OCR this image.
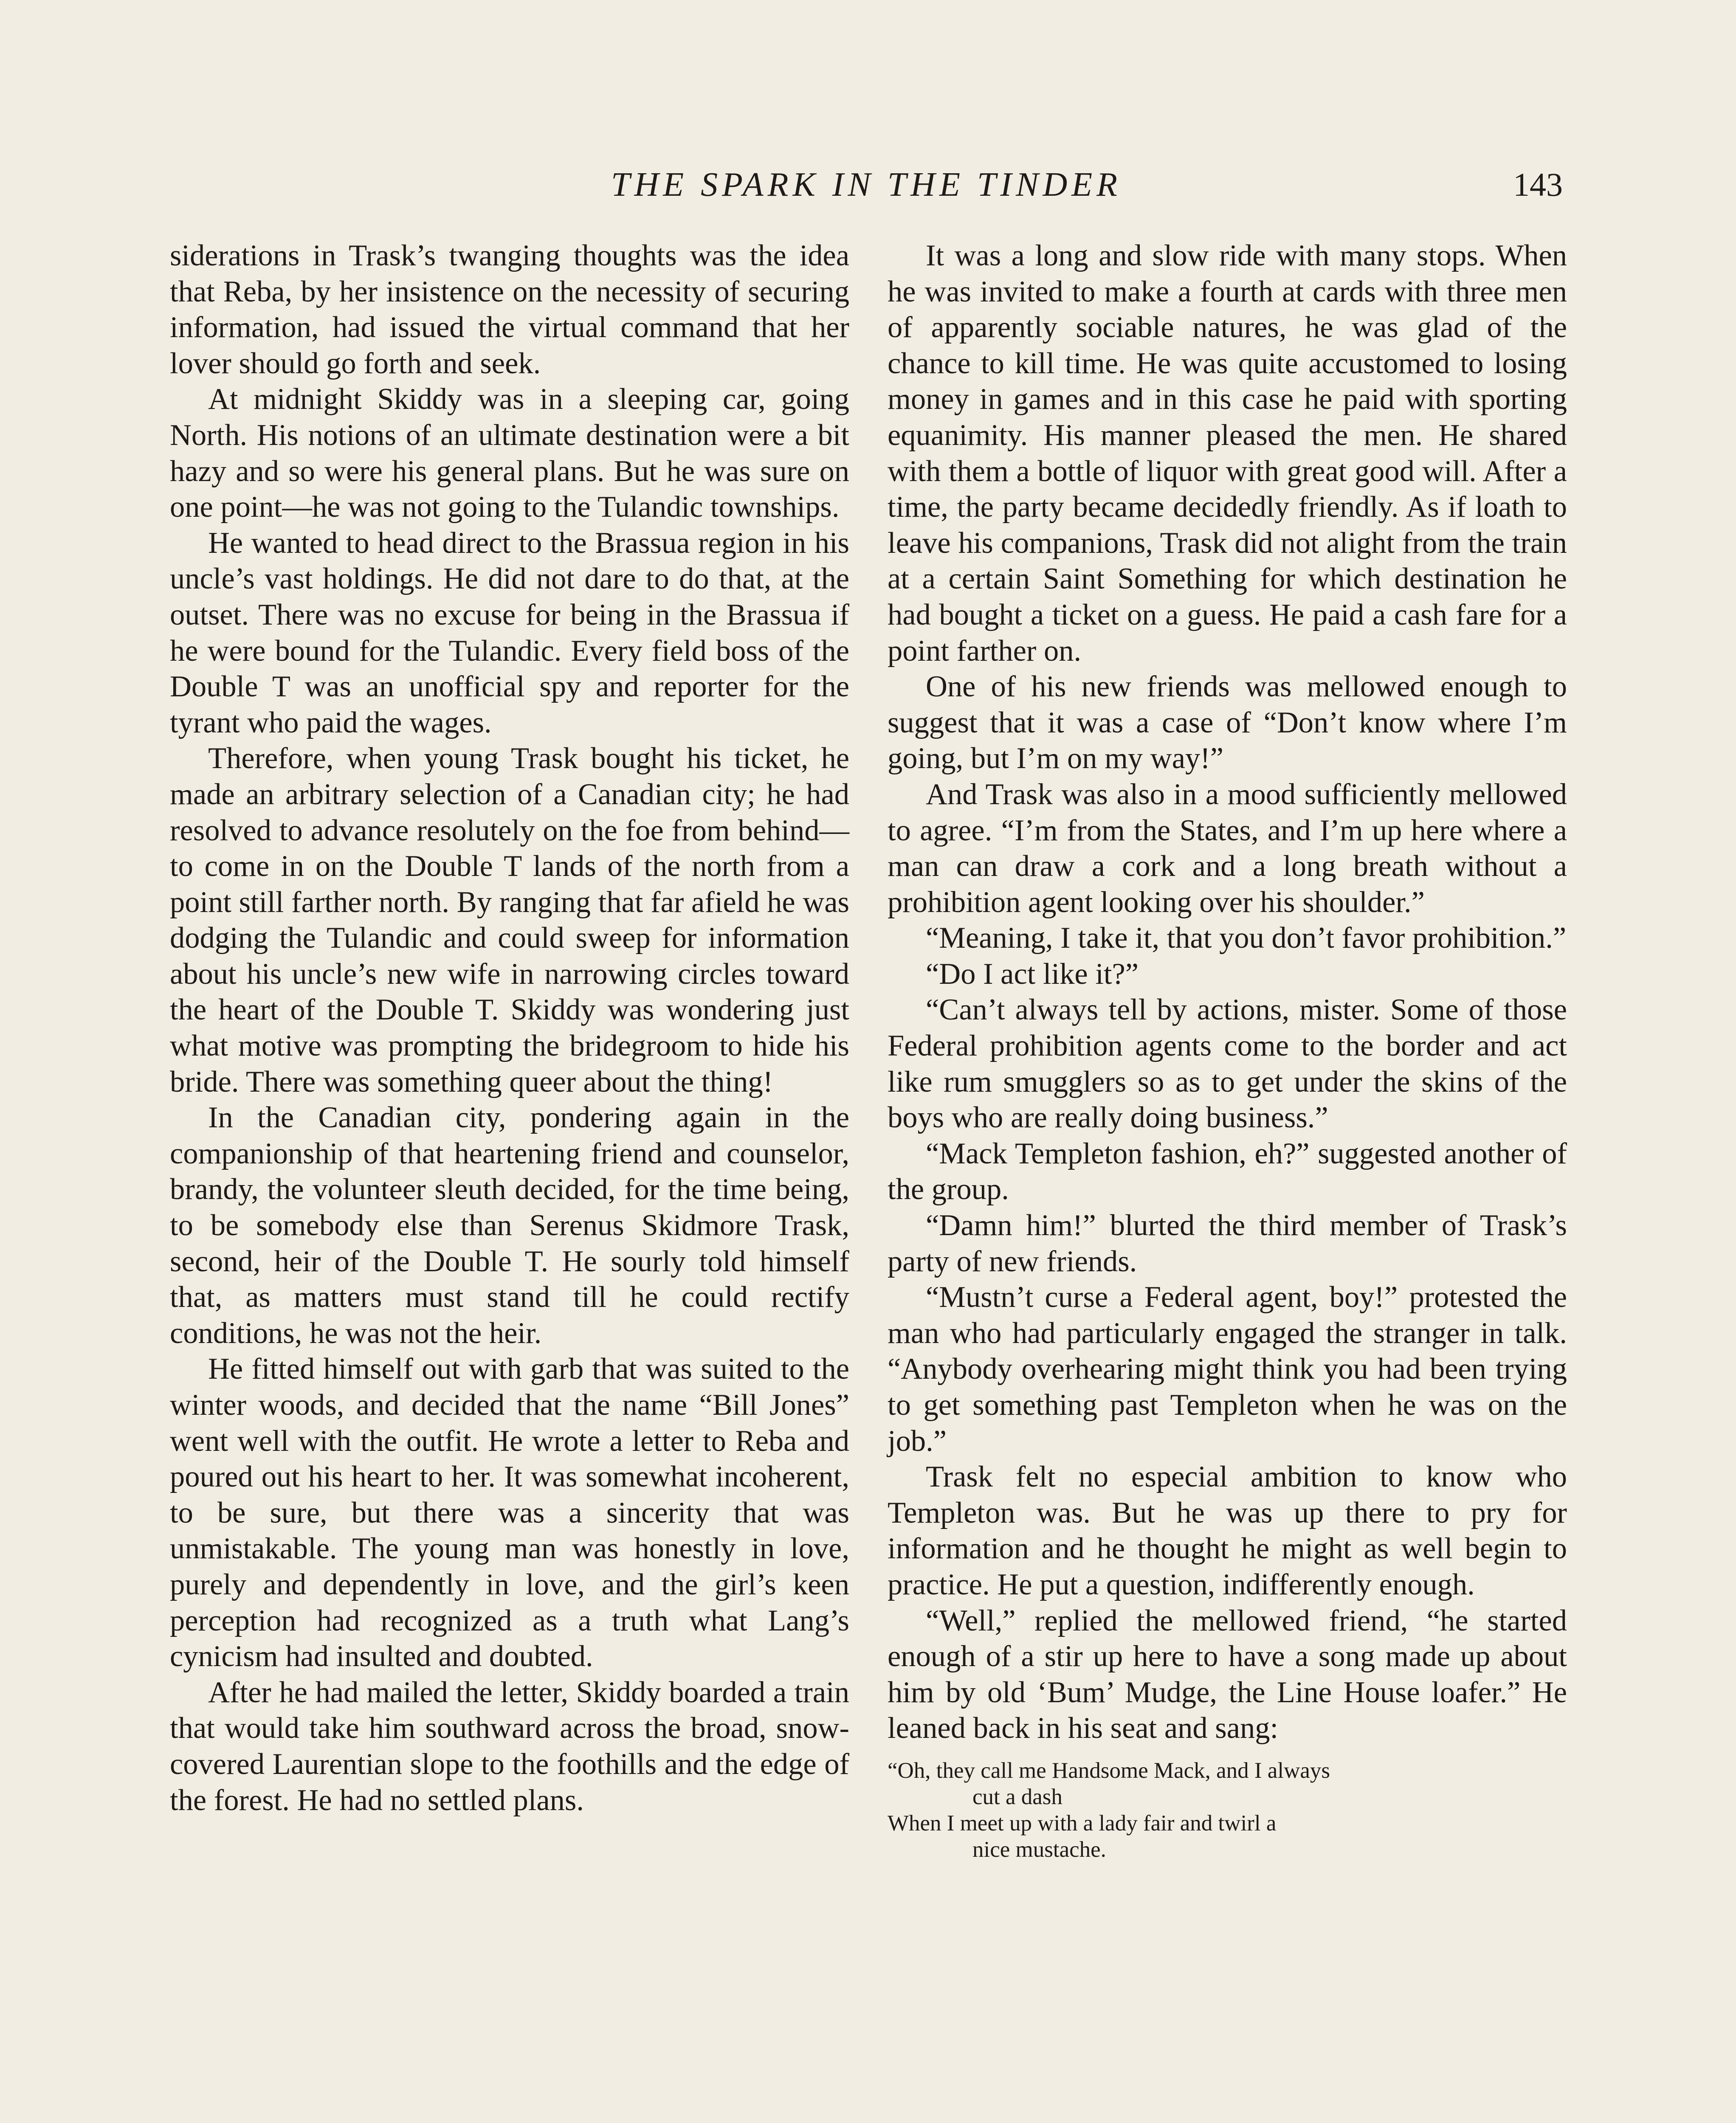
THE SPARK IN THE TINDER	143

siderations in Trask’s twanging thoughts was the idea that Reba, by her insistence on the necessity of securing information, had issued the virtual command that her lover should go forth and seek.

At midnight Skiddy was in a sleeping car, going North. His notions of an ultimate destination were a bit hazy and so were his general plans. But he was sure on one point—he was not going to the Tulandic townships.

He wanted to head direct to the Brassua region in his uncle’s vast holdings. He did not dare to do that, at the outset. There was no excuse for being in the Brassua if he were bound for the Tulandic. Every field boss of the Double T was an unofficial spy and reporter for the tyrant who paid the wages.

Therefore, when young Trask bought his ticket, he made an arbitrary selection of a Canadian city; he had resolved to advance resolutely on the foe from behind—to come in on the Double T lands of the north from a point still farther north. By ranging that far afield he was dodging the Tulandic and could sweep for information about his uncle’s new wife in narrowing circles toward the heart of the Double T. Skiddy was wondering just what motive was prompting the bridegroom to hide his bride. There was something queer about the thing!

In the Canadian city, pondering again in the companionship of that heartening friend and counselor, brandy, the volunteer sleuth decided, for the time being, to be somebody else than Serenus Skidmore Trask, second, heir of the Double T. He sourly told himself that, as matters must stand till he could rectify conditions, he was not the heir.

He fitted himself out with garb that was suited to the winter woods, and decided that the name “Bill Jones” went well with the outfit. He wrote a letter to Reba and poured out his heart to her. It was somewhat incoherent, to be sure, but there was a sincerity that was unmistakable. The young man was honestly in love, purely and dependently in love, and the girl’s keen perception had recognized as a truth what Lang’s cynicism had insulted and doubted.

After he had mailed the letter, Skiddy boarded a train that would take him southward across the broad, snow-covered Laurentian slope to the foothills and the edge of the forest. He had no settled plans.

It was a long and slow ride with many stops. When he was invited to make a fourth at cards with three men of apparently sociable natures, he was glad of the chance to kill time. He was quite accustomed to losing money in games and in this case he paid with sporting equanimity. His manner pleased the men. He shared with them a bottle of liquor with great good will. After a time, the party became decidedly friendly. As if loath to leave his companions, Trask did not alight from the train at a certain Saint Something for which destination he had bought a ticket on a guess. He paid a cash fare for a point farther on.

One of his new friends was mellowed enough to suggest that it was a case of “Don’t know where I’m going, but I’m on my way!”

And Trask was also in a mood sufficiently mellowed to agree. “I’m from the States, and I’m up here where a man can draw a cork and a long breath without a prohibition agent looking over his shoulder.”

“Meaning, I take it, that you don’t favor prohibition.”

“Do I act like it?”

“Can’t always tell by actions, mister. Some of those Federal prohibition agents come to the border and act like rum smugglers so as to get under the skins of the boys who are really doing business.”

“Mack Templeton fashion, eh?” suggested another of the group.

“Damn him!” blurted the third member of Trask’s party of new friends.

“Mustn’t curse a Federal agent, boy!” protested the man who had particularly engaged the stranger in talk. “Anybody overhearing might think you had been trying to get something past Templeton when he was on the job.”

Trask felt no especial ambition to know who Templeton was. But he was up there to pry for information and he thought he might as well begin to practice. He put a question, indifferently enough.

“Well,” replied the mellowed friend, “he started enough of a stir up here to have a song made up about him by old ‘Bum’ Mudge, the Line House loafer.” He leaned back in his seat and sang:

“Oh, they call me Handsome Mack, and I always
cut a dash
When I meet up with a lady fair and twirl a
nice mustache.
